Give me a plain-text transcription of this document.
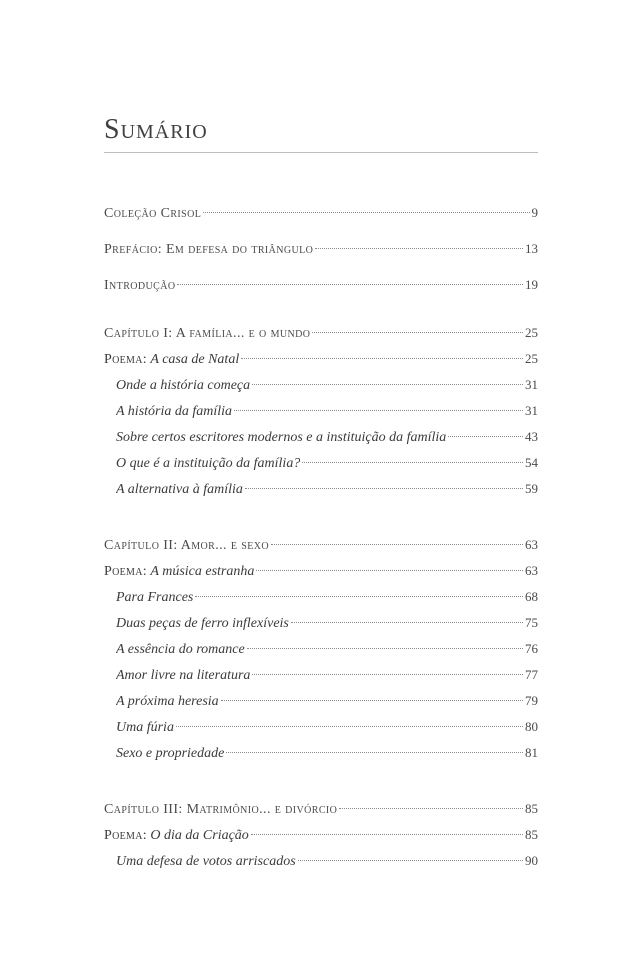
Sumário
Coleção Crisol	9
Prefácio: Em defesa do triângulo	13
Introdução	19
Capítulo I: A família... e o mundo	25
Poema: A casa de Natal	25
Onde a história começa	31
A história da família	31
Sobre certos escritores modernos e a instituição da família	43
O que é a instituição da família?	54
A alternativa à família	59
Capítulo II: Amor... e sexo	63
Poema: A música estranha	63
Para Frances	68
Duas peças de ferro inflexíveis	75
A essência do romance	76
Amor livre na literatura	77
A próxima heresia	79
Uma fúria	80
Sexo e propriedade	81
Capítulo III: Matrimônio... e divórcio	85
Poema: O dia da Criação	85
Uma defesa de votos arriscados	90
